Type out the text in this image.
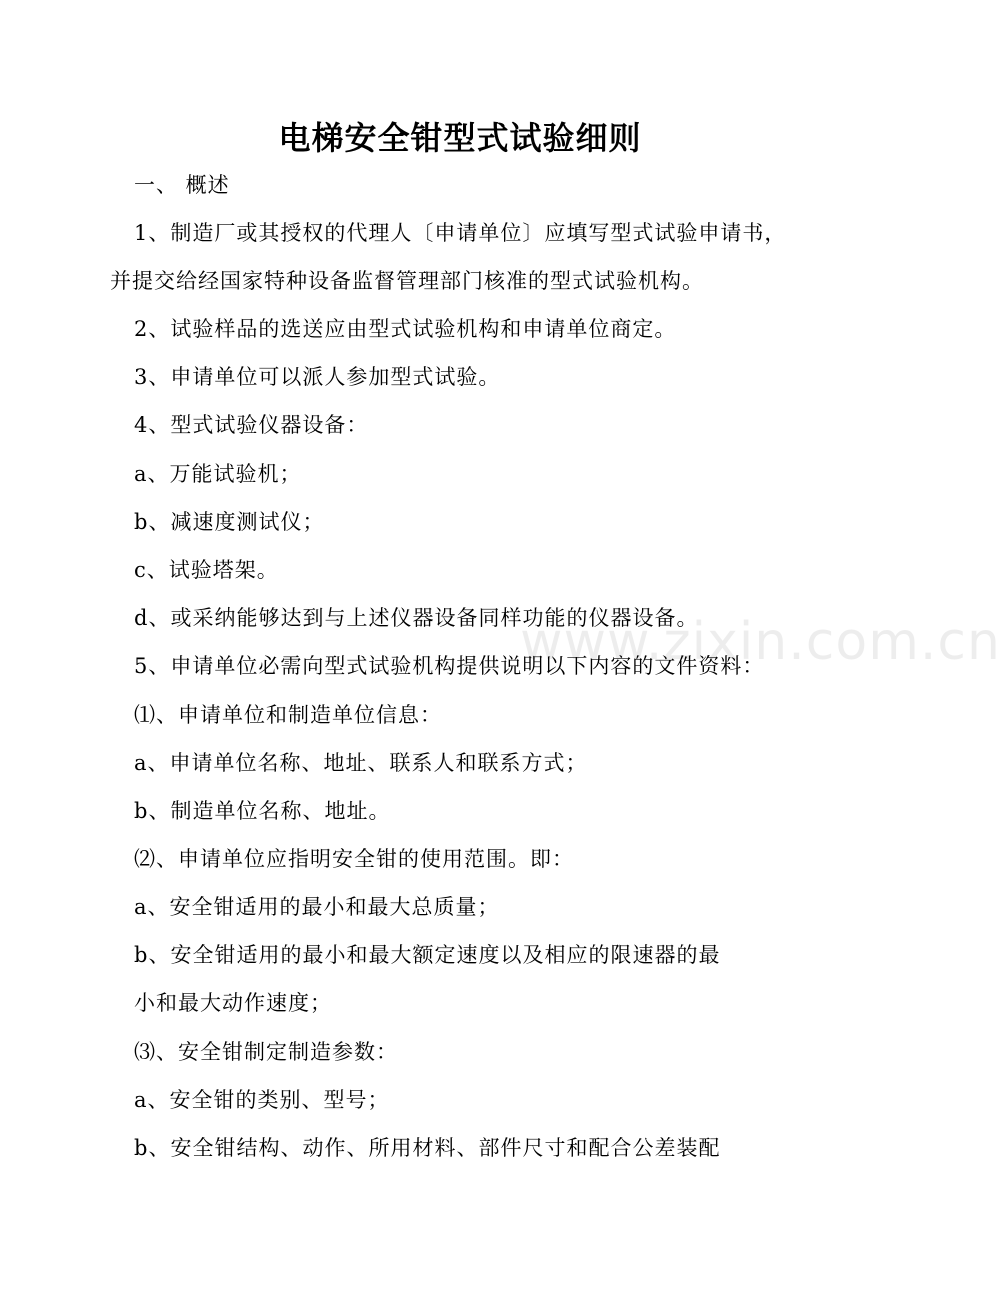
电梯安全钳型式试验细则
一、 概述
1、制造厂或其授权的代理人〔申请单位〕应填写型式试验申请书，
并提交给经国家特种设备监督管理部门核准的型式试验机构。
2、试验样品的选送应由型式试验机构和申请单位商定。
3、申请单位可以派人参加型式试验。
4、型式试验仪器设备：
a、万能试验机；
b、减速度测试仪；
c、试验塔架。
d、或采纳能够达到与上述仪器设备同样功能的仪器设备。
5、申请单位必需向型式试验机构提供说明以下内容的文件资料：
⑴、申请单位和制造单位信息：
a、申请单位名称、地址、联系人和联系方式；
b、制造单位名称、地址。
⑵、申请单位应指明安全钳的使用范围。即：
a、安全钳适用的最小和最大总质量；
b、安全钳适用的最小和最大额定速度以及相应的限速器的最
小和最大动作速度；
⑶、安全钳制定制造参数：
a、安全钳的类别、型号；
b、安全钳结构、动作、所用材料、部件尺寸和配合公差装配
www.zixin.com.cn
